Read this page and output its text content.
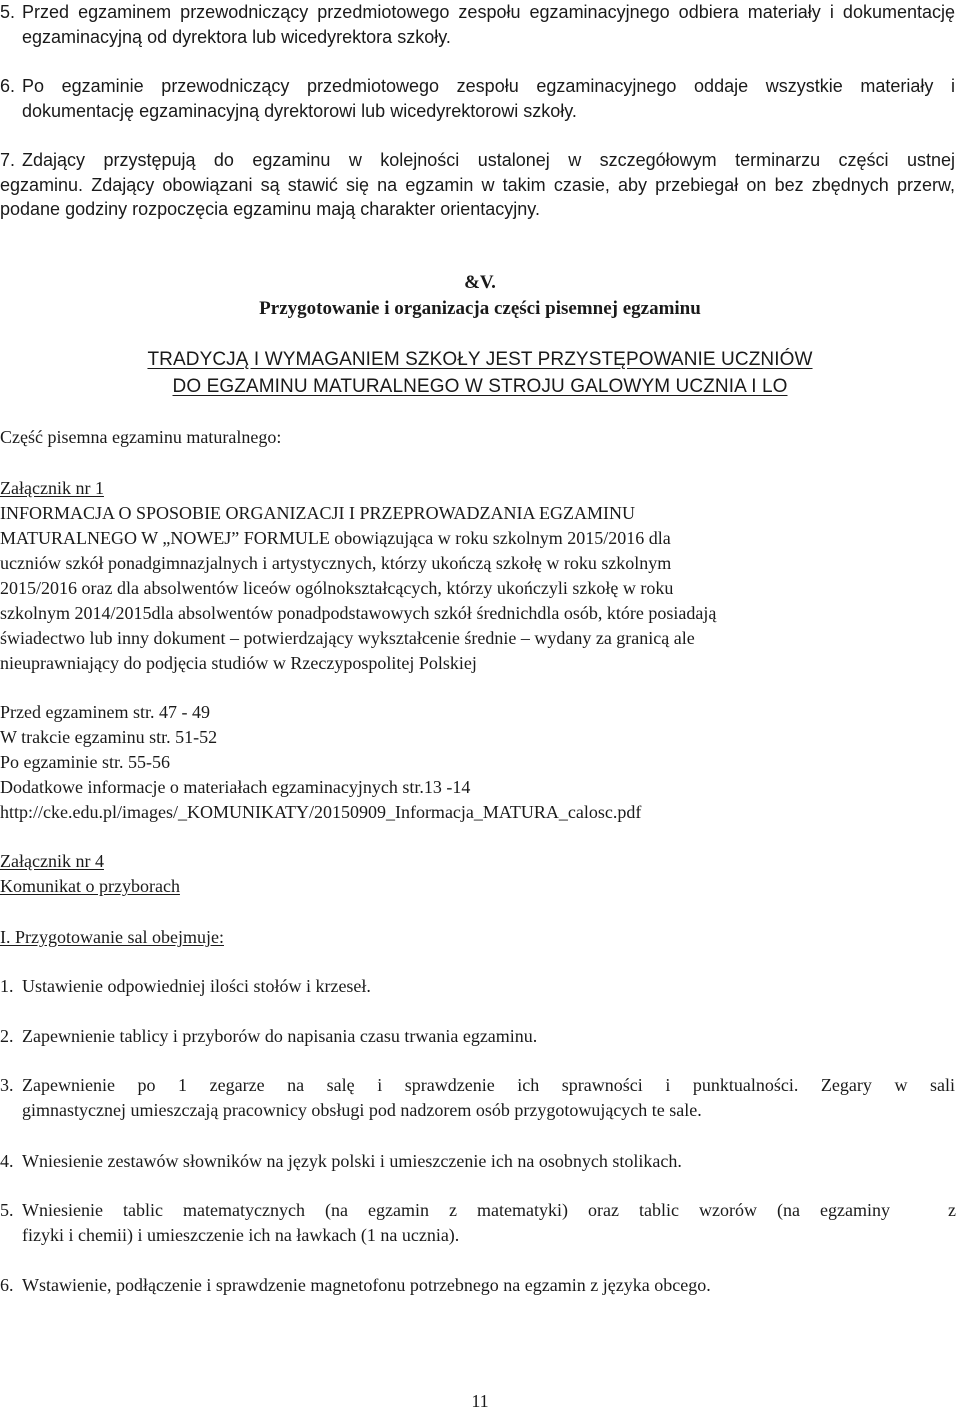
5. Przed egzaminem przewodniczący przedmiotowego zespołu egzaminacyjnego odbiera materiały i dokumentację egzaminacyjną od dyrektora lub wicedyrektora szkoły.
6. Po egzaminie przewodniczący przedmiotowego zespołu egzaminacyjnego oddaje wszystkie materiały i dokumentację egzaminacyjną dyrektorowi lub wicedyrektorowi szkoły.
7. Zdający przystępują do egzaminu w kolejności ustalonej w szczegółowym terminarzu części ustnej
egzaminu. Zdający obowiązani są stawić się na egzamin w takim czasie, aby przebiegał on bez zbędnych przerw, podane godziny rozpoczęcia egzaminu mają charakter orientacyjny.
&V.
Przygotowanie i organizacja części pisemnej egzaminu
TRADYCJĄ I WYMAGANIEM SZKOŁY JEST PRZYSTĘPOWANIE UCZNIÓW
DO EGZAMINU MATURALNEGO W STROJU GALOWYM UCZNIA I LO
Część pisemna egzaminu maturalnego:
Załącznik nr 1
INFORMACJA O SPOSOBIE ORGANIZACJI I PRZEPROWADZANIA EGZAMINU
MATURALNEGO W „NOWEJ” FORMULE obowiązująca w roku szkolnym 2015/2016 dla
uczniów szkół ponadgimnazjalnych i artystycznych, którzy ukończą szkołę w roku szkolnym
2015/2016 oraz dla absolwentów liceów ogólnokształcących, którzy ukończyli szkołę w roku
szkolnym 2014/2015dla absolwentów ponadpodstawowych szkół średnichdla osób, które posiadają
świadectwo lub inny dokument – potwierdzający wykształcenie średnie – wydany za granicą ale
nieuprawniający do podjęcia studiów w Rzeczypospolitej Polskiej
Przed egzaminem str. 47 - 49
W trakcie egzaminu str. 51-52
Po egzaminie str. 55-56
Dodatkowe informacje o materiałach egzaminacyjnych str.13 -14
http://cke.edu.pl/images/_KOMUNIKATY/20150909_Informacja_MATURA_calosc.pdf
Załącznik nr 4
Komunikat o przyborach
I. Przygotowanie sal obejmuje:
1. Ustawienie odpowiedniej ilości stołów i krzeseł.
2. Zapewnienie tablicy i przyborów do napisania czasu trwania egzaminu.
3. Zapewnienie po 1 zegarze na salę i sprawdzenie ich sprawności i punktualności. Zegary w sali
gimnastycznej umieszczają pracownicy obsługi pod nadzorem osób przygotowujących te sale.
4. Wniesienie zestawów słowników na język polski i umieszczenie ich na osobnych stolikach.
5. Wniesienie tablic matematycznych (na egzamin z matematyki) oraz tablic wzorów (na egzaminy	z
fizyki i chemii) i umieszczenie ich na ławkach (1 na ucznia).
6. Wstawienie, podłączenie i sprawdzenie magnetofonu potrzebnego na egzamin z języka obcego.
11
